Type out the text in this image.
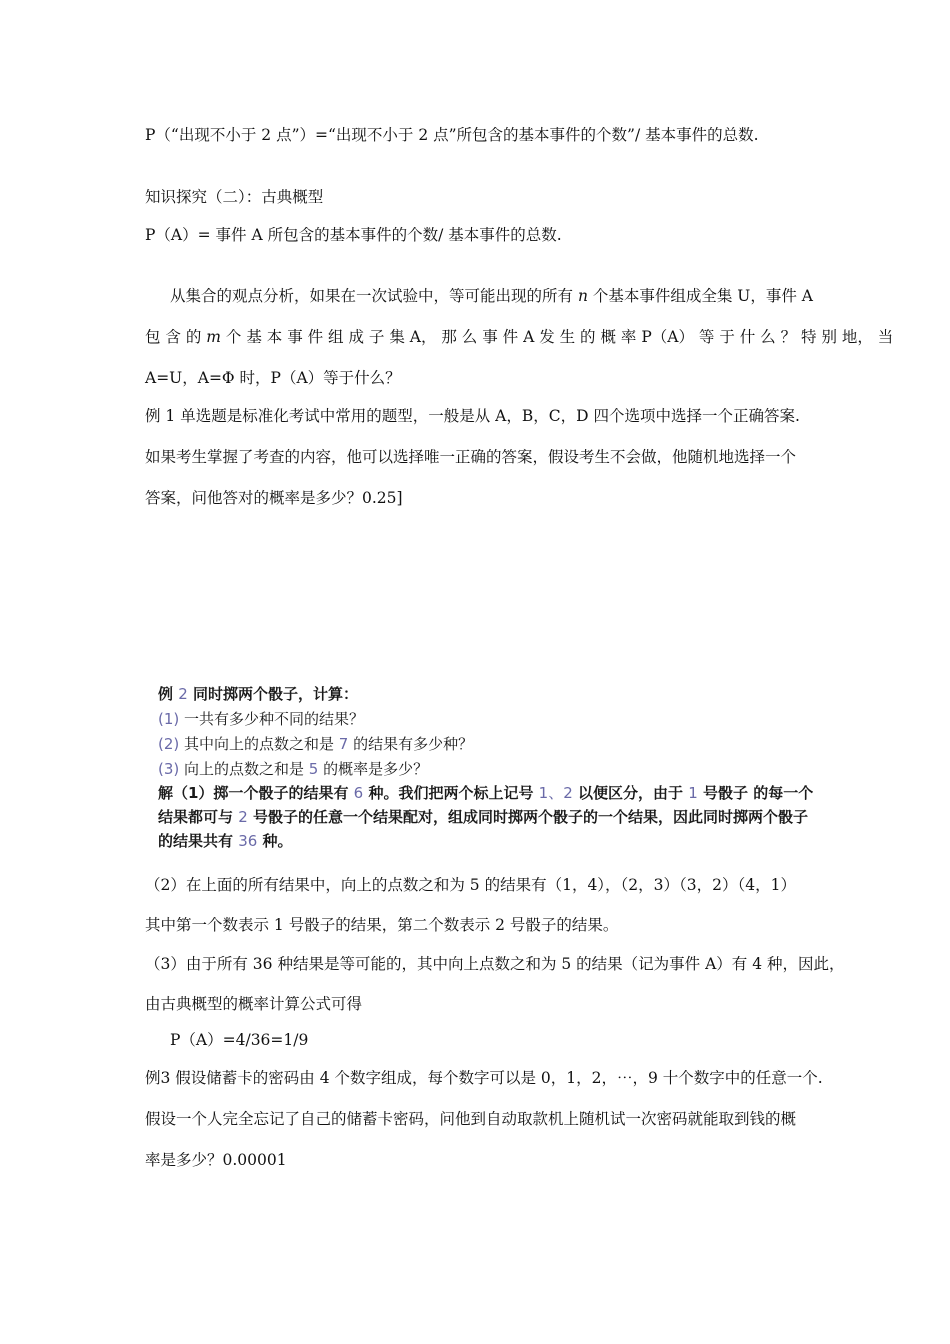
P（“出现不小于 2 点”）=“出现不小于 2 点”所包含的基本事件的个数”/ 基本事件的总数.
知识探究（二）：古典概型
P（A）= 事件 A 所包含的基本事件的个数/ 基本事件的总数.
从集合的观点分析，如果在一次试验中，等可能出现的所有 n 个基本事件组成全集 U，事件 A
包 含 的 m 个 基 本 事 件 组 成 子 集 A， 那 么 事 件 A 发 生 的 概 率 P（A） 等 于 什 么 ？ 特 别 地， 当
A=U，A=Φ 时，P（A）等于什么？
例 1 单选题是标准化考试中常用的题型，一般是从 A，B，C，D 四个选项中选择一个正确答案.
如果考生掌握了考查的内容，他可以选择唯一正确的答案，假设考生不会做，他随机地选择一个
答案，问他答对的概率是多少？0.25]
例 2 同时掷两个骰子，计算：
(1) 一共有多少种不同的结果？
(2) 其中向上的点数之和是 7 的结果有多少种？
(3) 向上的点数之和是 5 的概率是多少？
解（1）掷一个骰子的结果有 6 种。我们把两个标上记号 1、2 以便区分，由于 1 号骰子 的每一个
结果都可与 2 号骰子的任意一个结果配对，组成同时掷两个骰子的一个结果，因此同时掷两个骰子
的结果共有 36 种。
（2）在上面的所有结果中，向上的点数之和为 5 的结果有（1，4），（2，3）（3，2）（4，1）
其中第一个数表示 1 号骰子的结果，第二个数表示 2 号骰子的结果。
（3）由于所有 36 种结果是等可能的，其中向上点数之和为 5 的结果（记为事件 A）有 4 种，因此，
由古典概型的概率计算公式可得
P（A）=4/36=1/9
例3 假设储蓄卡的密码由 4 个数字组成，每个数字可以是 0，1，2，⋯，9 十个数字中的任意一个.
假设一个人完全忘记了自己的储蓄卡密码，问他到自动取款机上随机试一次密码就能取到钱的概
率是多少？0.00001
